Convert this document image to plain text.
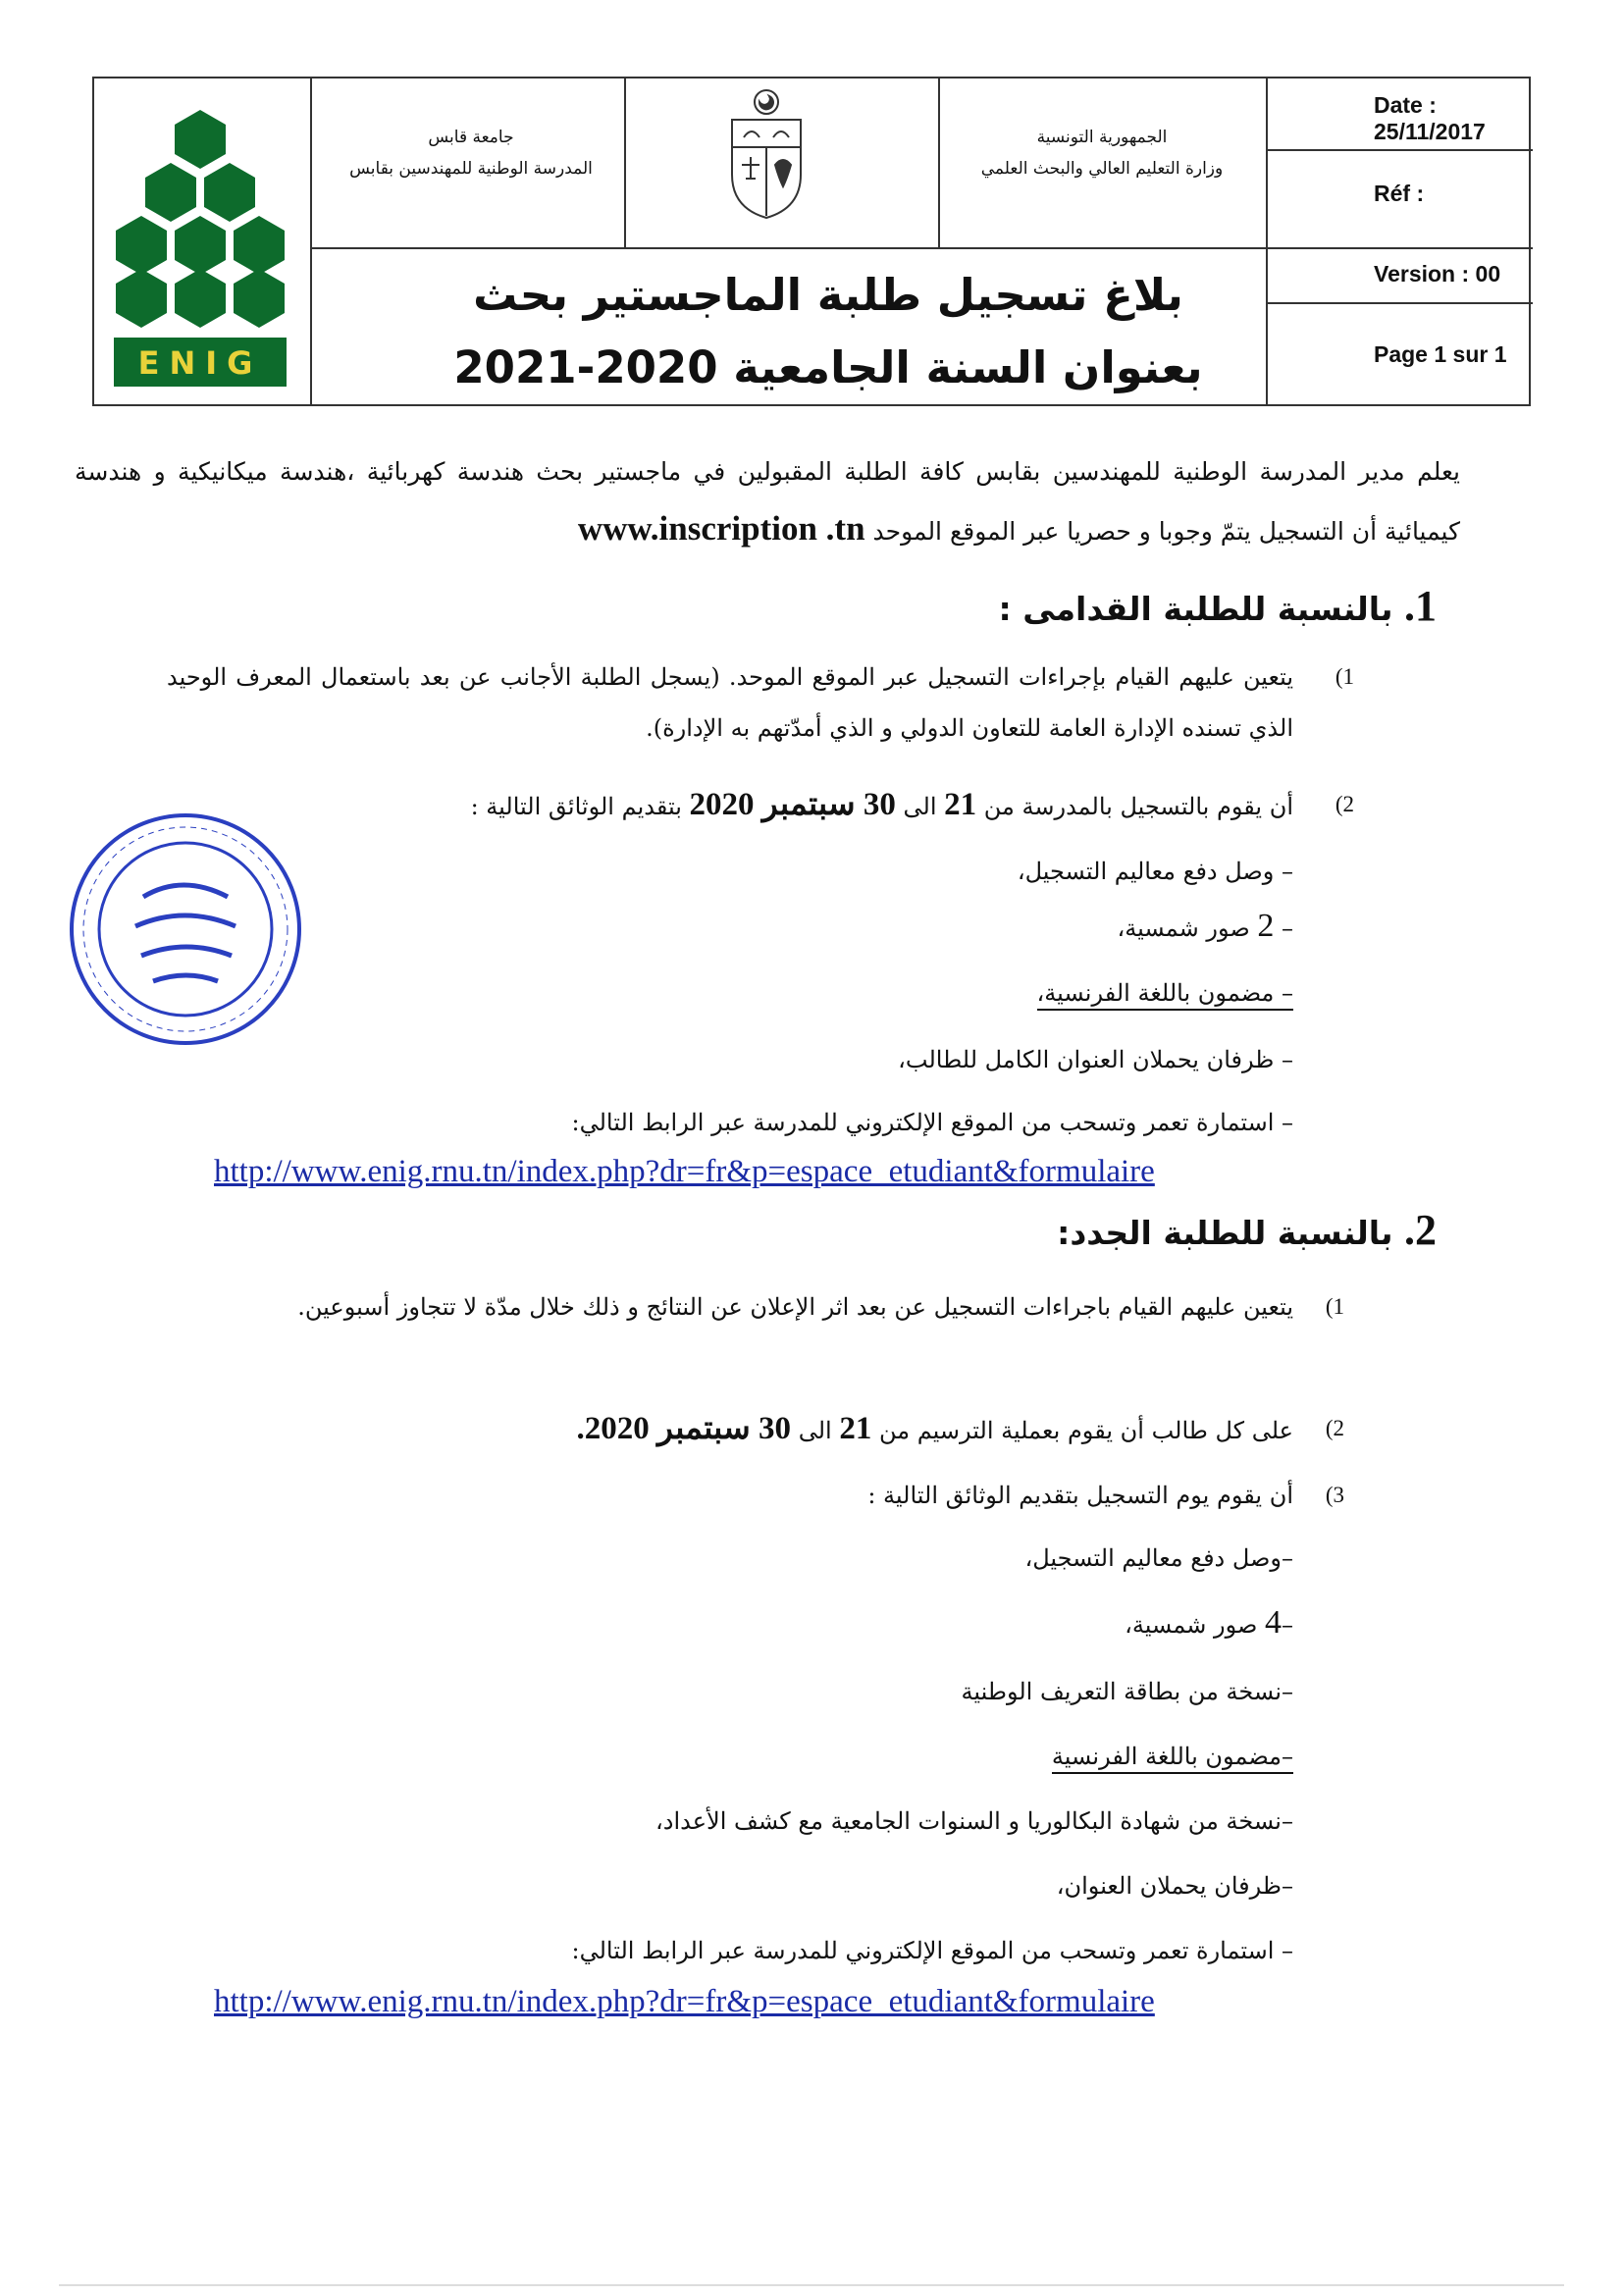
ENIG
جامعة قابس
المدرسة الوطنية للمهندسين بقابس
الجمهورية التونسية
وزارة التعليم العالي والبحث العلمي
Date : 25/11/2017
Réf :
Version : 00
Page 1 sur 1
بلاغ تسجيل طلبة الماجستير بحث
بعنوان السنة الجامعية 2020-2021
يعلم مدير المدرسة الوطنية للمهندسين بقابس كافة الطلبة المقبولين في ماجستير بحث هندسة كهربائية ،هندسة ميكانيكية و هندسة كيميائية أن التسجيل يتمّ وجوبا و حصريا عبر الموقع الموحد www.inscription .tn
1. بالنسبة للطلبة القدامى :
1)
يتعين عليهم القيام بإجراءات التسجيل عبر الموقع الموحد. (يسجل الطلبة الأجانب عن بعد باستعمال المعرف الوحيد الذي تسنده الإدارة العامة للتعاون الدولي و الذي أمدّتهم به الإدارة).
2)
أن يقوم بالتسجيل بالمدرسة من 21 الى 30 سبتمبر 2020 بتقديم الوثائق التالية :
– وصل دفع معاليم التسجيل،
– 2 صور شمسية،
– مضمون باللغة الفرنسية،
– ظرفان يحملان العنوان الكامل للطالب،
– استمارة تعمر وتسحب من الموقع الإلكتروني للمدرسة عبر الرابط التالي:
http://www.enig.rnu.tn/index.php?dr=fr&p=espace_etudiant&formulaire
2. بالنسبة للطلبة الجدد:
1)
يتعين عليهم القيام باجراءات التسجيل عن بعد اثر الإعلان عن النتائج و ذلك خلال مدّة لا تتجاوز أسبوعين.
2)
على كل طالب أن يقوم بعملية الترسيم من 21 الى 30 سبتمبر 2020.
3)
أن يقوم يوم التسجيل بتقديم الوثائق التالية :
–وصل دفع معاليم التسجيل،
–4 صور شمسية،
–نسخة من بطاقة التعريف الوطنية
–مضمون باللغة الفرنسية
–نسخة من شهادة البكالوريا و السنوات الجامعية مع كشف الأعداد،
–ظرفان يحملان العنوان،
– استمارة تعمر وتسحب من الموقع الإلكتروني للمدرسة عبر الرابط التالي:
http://www.enig.rnu.tn/index.php?dr=fr&p=espace_etudiant&formulaire
